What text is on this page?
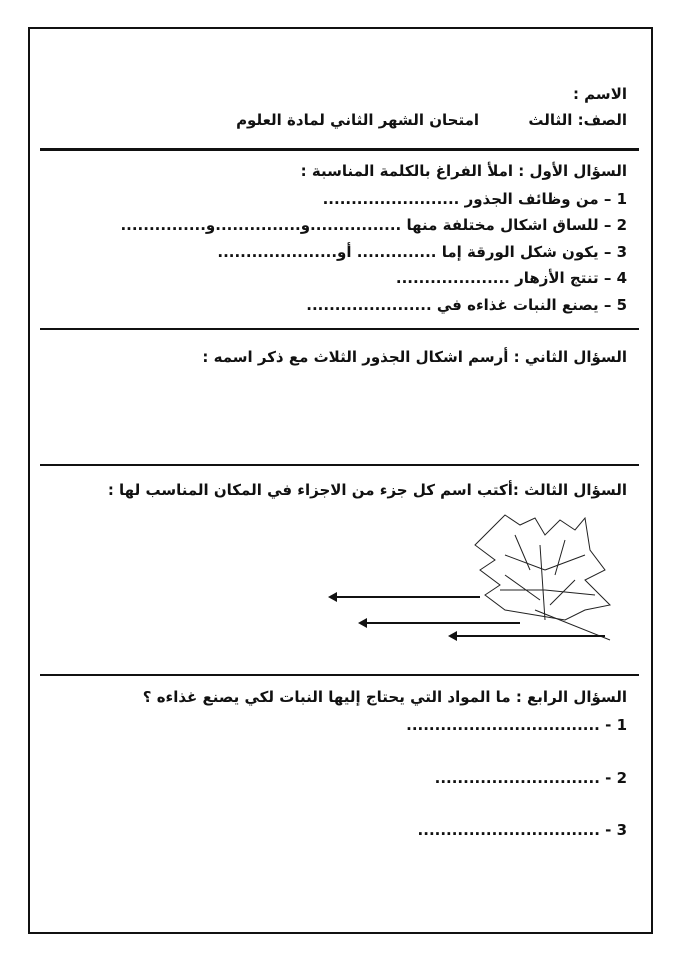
الاسم :
الصف: الثالث
امتحان الشهر الثاني لمادة العلوم
السؤال الأول : املأ الفراغ بالكلمة المناسبة :
1 – من وظائف الجذور ........................
2 – للساق اشكال مختلفة منها ................و...............و...............
3 – يكون شكل الورقة إما .............. أو.....................
4 – تنتج الأزهار ....................
5 – يصنع النبات غذاءه في ......................
السؤال الثاني : أرسم اشكال الجذور الثلاث مع ذكر اسمه :
السؤال الثالث :أكتب اسم كل جزء من الاجزاء في المكان المناسب لها :
السؤال الرابع : ما المواد التي يحتاج إليها النبات لكي يصنع غذاءه ؟
1 - ..................................
2 - .............................
3 - ................................
